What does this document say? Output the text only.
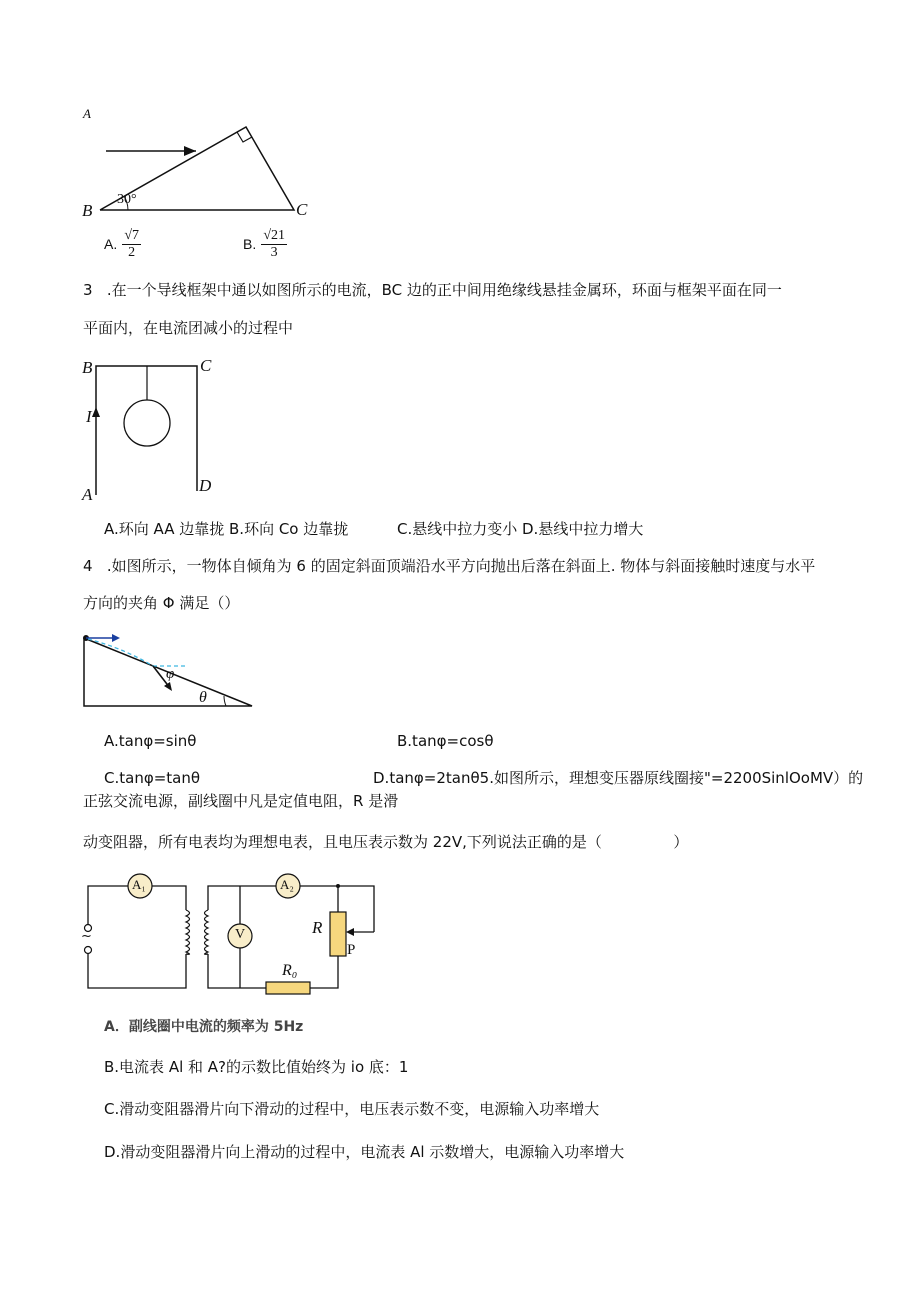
A
B	C
30°
A. $\frac{√7}{2}$	B. $\frac{√21}{3}$
3   .在一个导线框架中通以如图所示的电流，BC 边的正中间用绝缘线悬挂金属环，环面与框架平面在同一
平面内，在电流团减小的过程中
B	C
I
A	D
A.环向 AA 边靠拢 B.环向 Co 边靠拢	C.悬线中拉力变小 D.悬线中拉力增大
4   .如图所示，一物体自倾角为 6 的固定斜面顶端沿水平方向抛出后落在斜面上. 物体与斜面接触时速度与水平
方向的夹角 Φ 满足（）
φ
θ
A.tanφ=sinθ	B.tanφ=cosθ
C.tanφ=tanθ	D.tanφ=2tanθ5.如图所示，理想变压器原线圈接"=2200SinlOoMV）的
正弦交流电源，副线圈中凡是定值电阻，R 是滑
动变阻器，所有电表均为理想电表，且电压表示数为 22V,下列说法正确的是（               ）
A₁	A₂
V	R
P
R₀
~
A．副线圈中电流的频率为 5Hz
B.电流表 Al 和 A?的示数比值始终为 io 底：1
C.滑动变阻器滑片向下滑动的过程中，电压表示数不变，电源输入功率增大
D.滑动变阻器滑片向上滑动的过程中，电流表 Al 示数增大，电源输入功率增大
